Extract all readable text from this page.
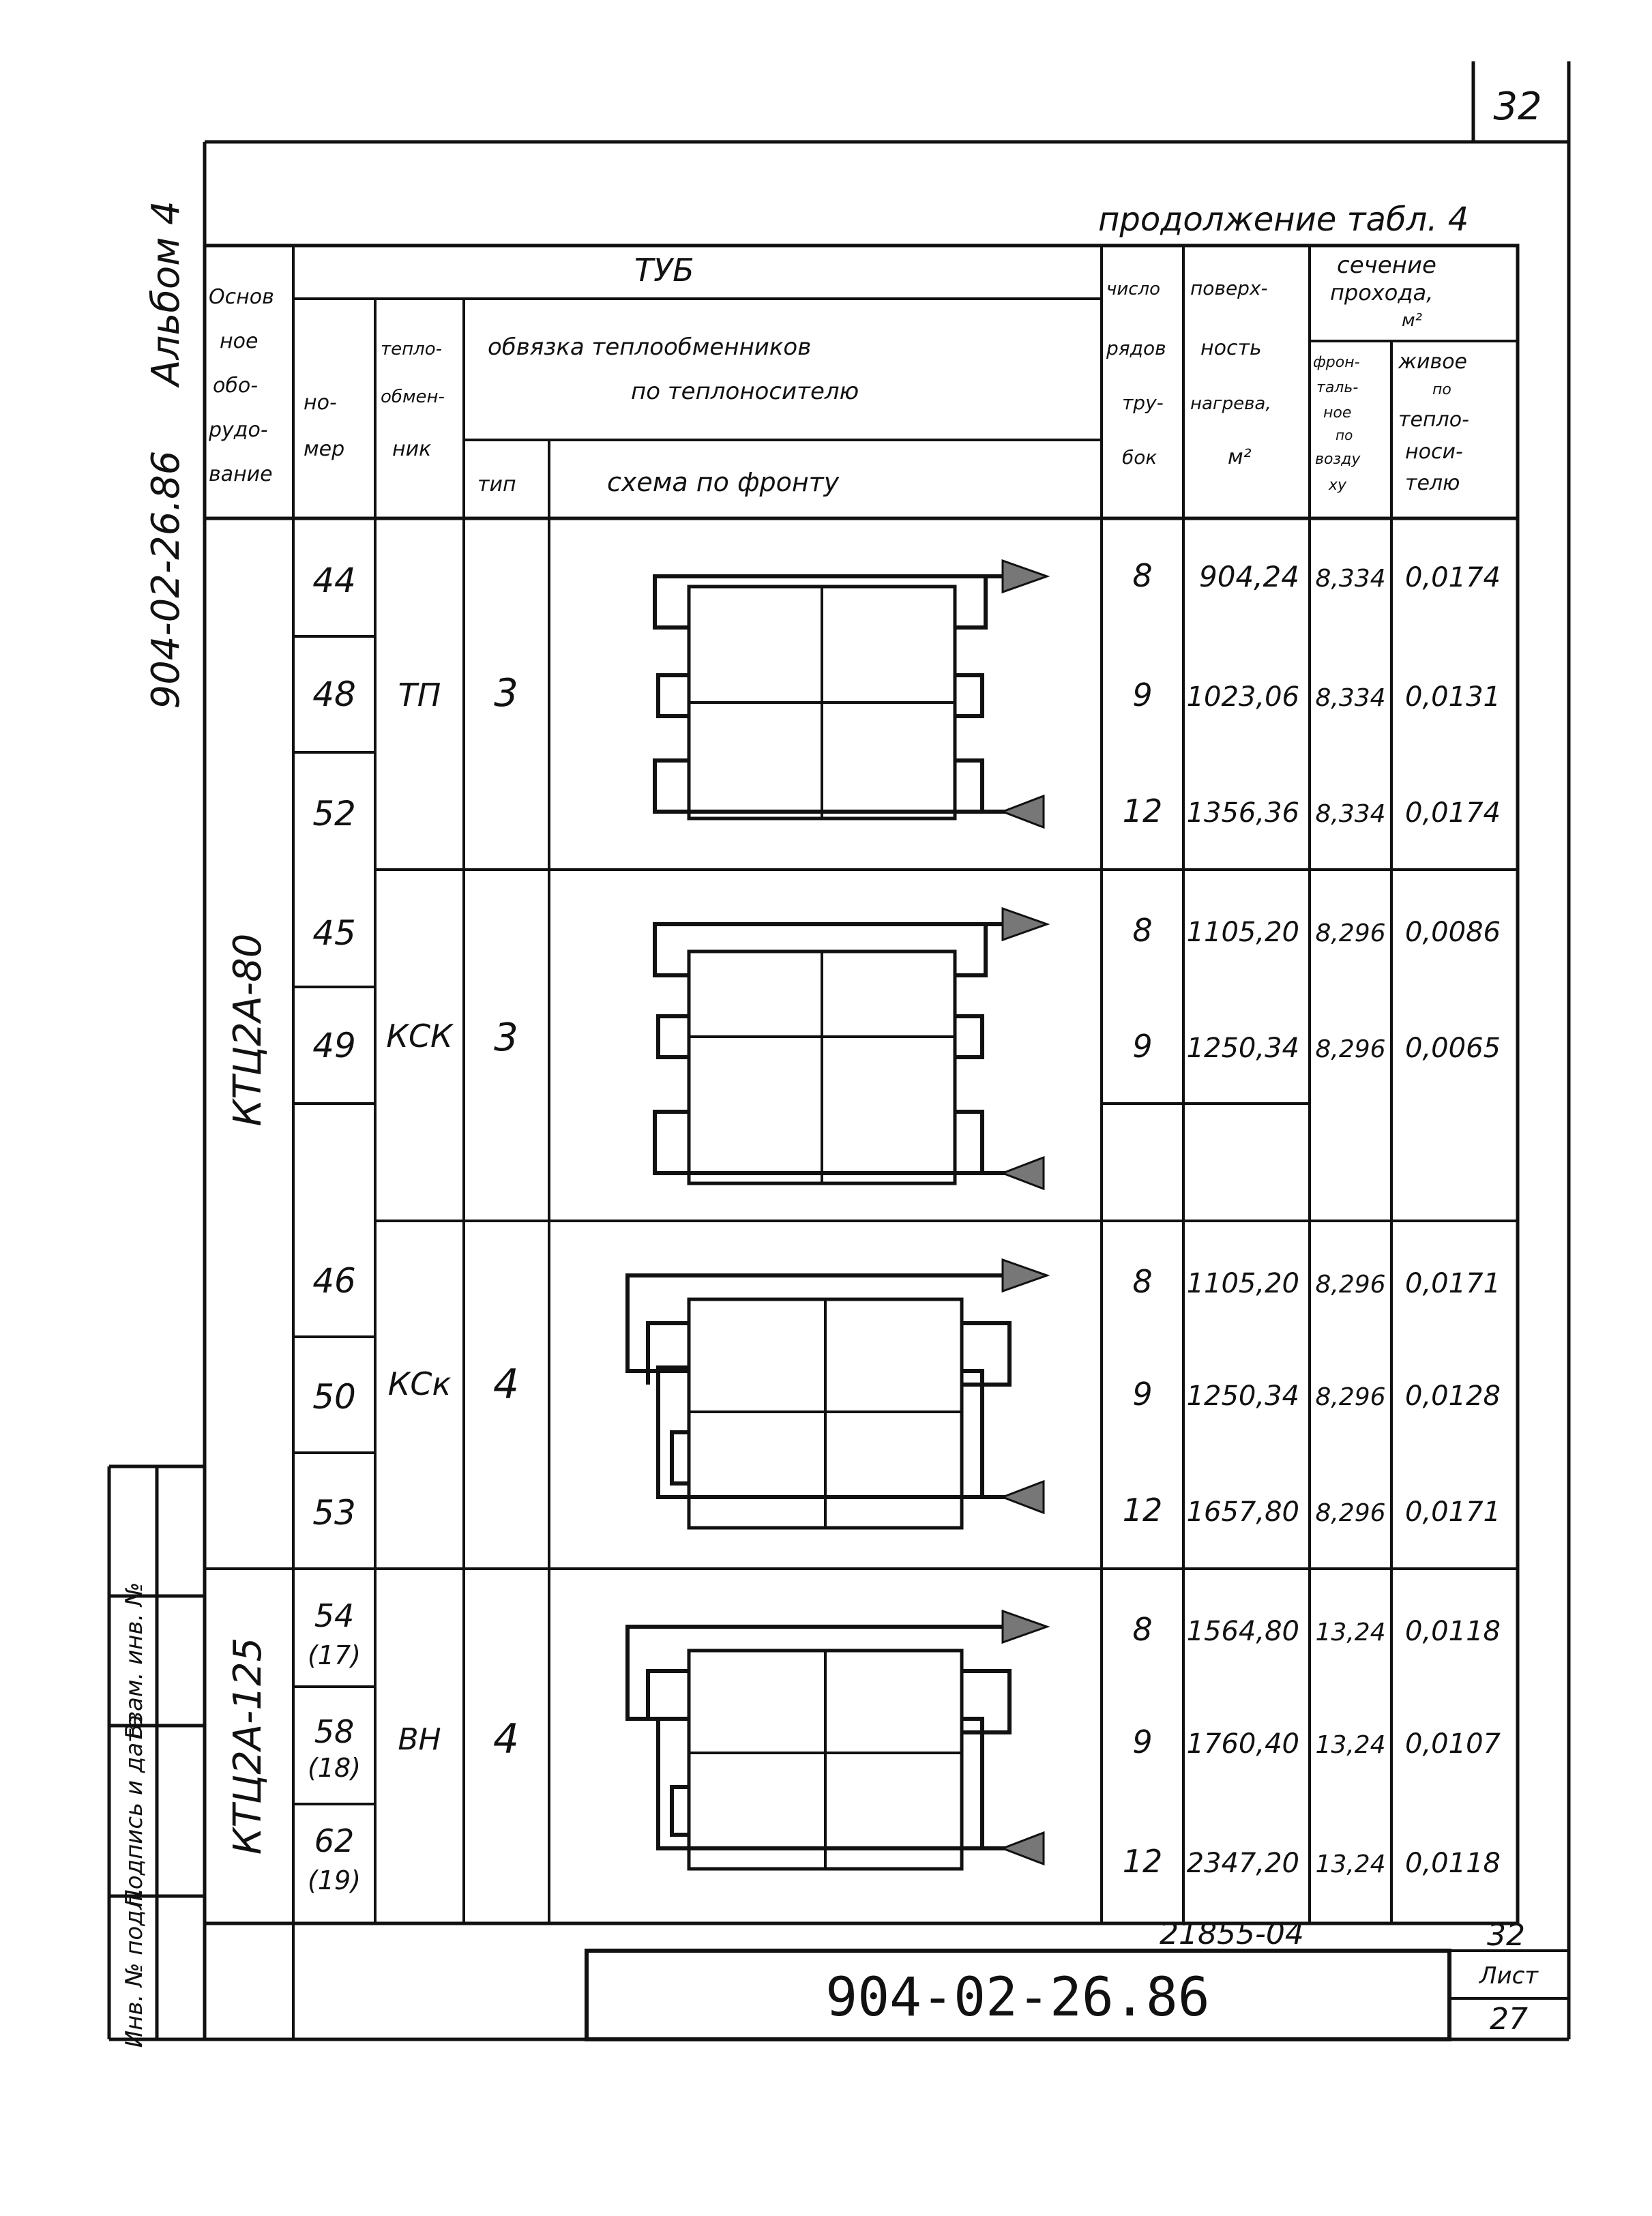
32
Альбом 4
904-02-26.86
Инв. № подл.
Подпись и дата
Взам. инв. №
продолжение табл. 4
Основ
ное
обо-
рудо-
вание
ТУБ
но-
мер
тепло-
обмен-
ник
обвязка теплообменников
по теплоносителю
тип	схема по фронту
число
рядов
тру-
бок
поверх-
ность
нагрева,
м²
сечение
прохода,
м²
фрон-
таль-
ное
по
возду
ху
живое
по
тепло-
носи-
телю
КТЦ2А-80
КТЦ2А-125
ТП 3
44	8 904,24 8,334 0,0174
48	9 1023,06 8,334 0,0131
52	12 1356,36 8,334 0,0174
КСК 3
45	8 1105,20 8,296 0,0086
49	9 1250,34 8,296 0,0065
КСк 4
46	8 1105,20 8,296 0,0171
50	9 1250,34 8,296 0,0128
53	12 1657,80 8,296 0,0171
ВН 4
54
(17)
8 1564,80 13,24 0,0118
58
(18)
9 1760,40 13,24 0,0107
62
(19)
12 2347,20 13,24 0,0118
21855-04	32
904-02-26.86	Лист
27
